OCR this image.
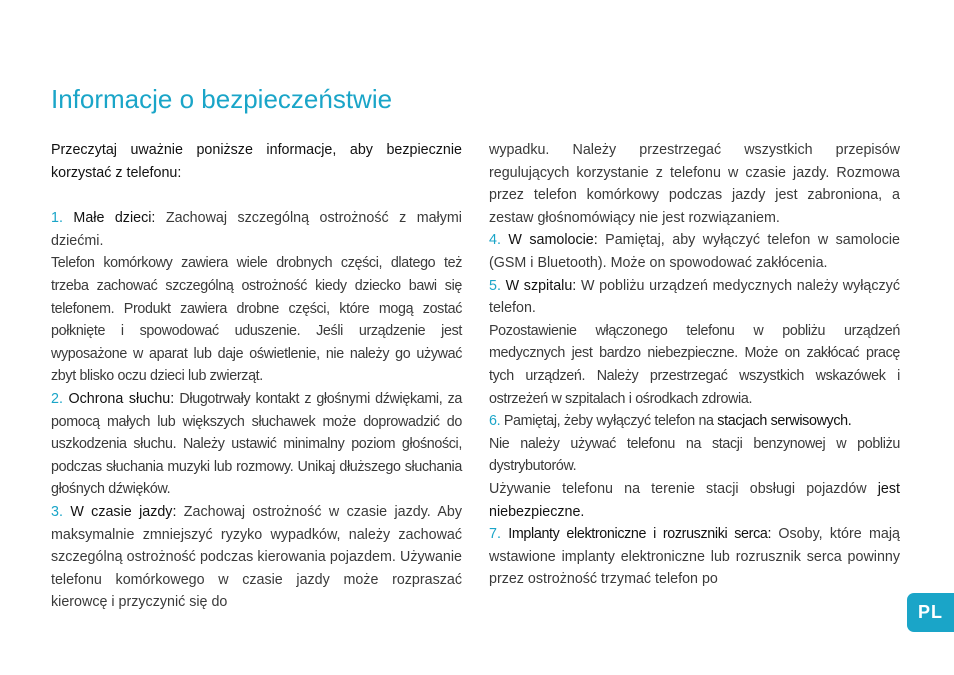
Informacje o bezpieczeństwie

Przeczytaj uważnie poniższe informacje, aby bezpiecznie korzystać z telefonu:

1. Małe dzieci: Zachowaj szczególną ostrożność z małymi dziećmi.

Telefon komórkowy zawiera wiele drobnych części, dlatego też trzeba zachować szczególną ostrożność kiedy dziecko bawi się telefonem. Produkt zawiera drobne części, które mogą zostać połknięte i spowodować uduszenie. Jeśli urządzenie jest wyposażone w aparat lub daje oświetlenie, nie należy go używać zbyt blisko oczu dzieci lub zwierząt.

2. Ochrona słuchu: Długotrwały kontakt z głośnymi dźwiękami, za pomocą małych lub większych słuchawek może doprowadzić do uszkodzenia słuchu. Należy ustawić minimalny poziom głośności, podczas słuchania muzyki lub rozmowy. Unikaj dłuższego słuchania głośnych dźwięków.

3. W czasie jazdy: Zachowaj ostrożność w czasie jazdy. Aby maksymalnie zmniejszyć ryzyko wypadków, należy zachować szczególną ostrożność podczas kierowania pojazdem. Używanie telefonu komórkowego w czasie jazdy może rozpraszać kierowcę i przyczynić się do

wypadku. Należy przestrzegać wszystkich przepisów regulujących korzystanie z telefonu w czasie jazdy. Rozmowa przez telefon komórkowy podczas jazdy jest zabroniona, a zestaw głośnomówiący nie jest rozwiązaniem.

4. W samolocie: Pamiętaj, aby wyłączyć telefon w samolocie (GSM i Bluetooth). Może on spowodować zakłócenia.

5. W szpitalu: W pobliżu urządzeń medycznych należy wyłączyć telefon.

Pozostawienie włączonego telefonu w pobliżu urządzeń medycznych jest bardzo niebezpieczne. Może on zakłócać pracę tych urządzeń. Należy przestrzegać wszystkich wskazówek i ostrzeżeń w szpitalach i ośrodkach zdrowia.

6. Pamiętaj, żeby wyłączyć telefon na stacjach serwisowych.

Nie należy używać telefonu na stacji benzynowej w pobliżu dystrybutorów.

Używanie telefonu na terenie stacji obsługi pojazdów jest niebezpieczne.

7. Implanty elektroniczne i rozruszniki serca: Osoby, które mają wstawione implanty elektroniczne lub rozrusznik serca powinny przez ostrożność trzymać telefon po

PL
